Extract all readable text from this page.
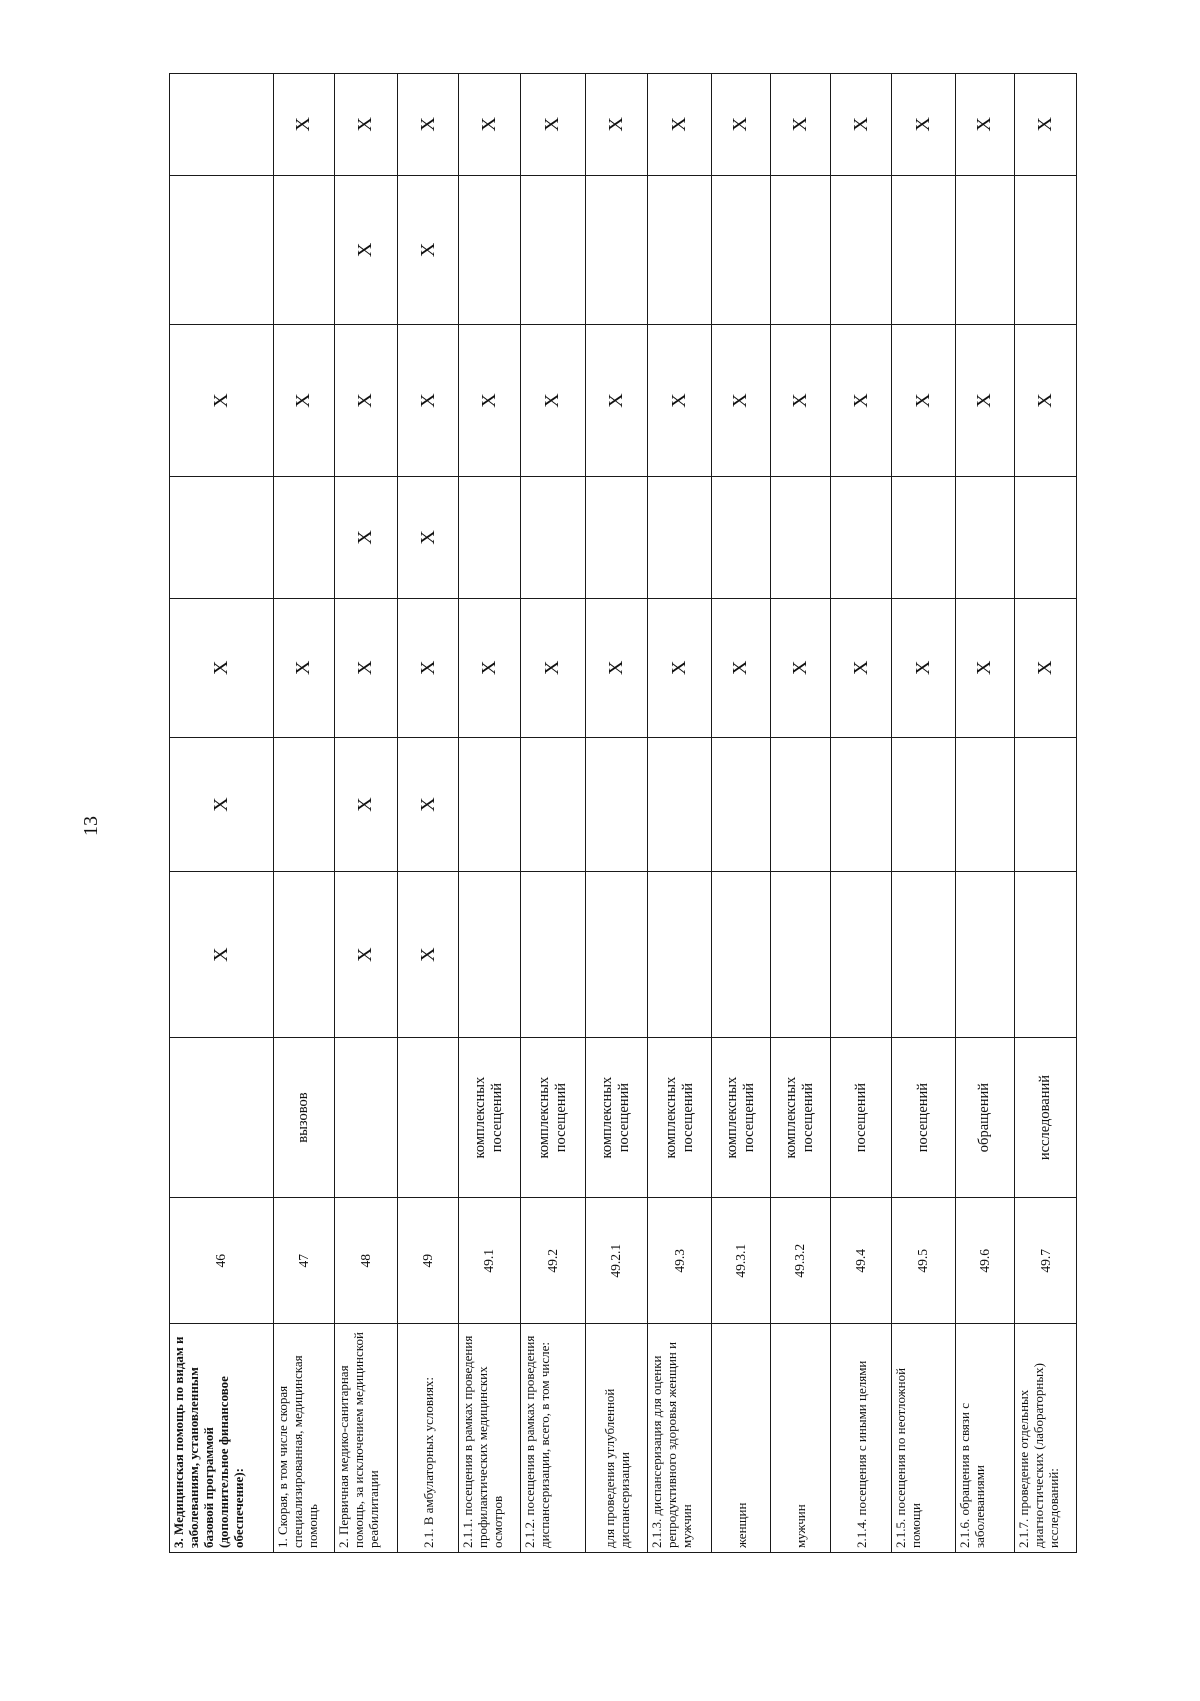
13
3. Медицинская помощь по видам и заболеваниям, установленным базовой программой (дополнительное финансовое обеспечение):	46		X	X	X		X		
1. Скорая, в том числе скорая специализированная, медицинская помощь	47	вызовов			X		X		X
2. Первичная медико-санитарная помощь, за исключением медицинской реабилитации	48		X	X	X	X	X	X	X
2.1. В амбулаторных условиях:	49		X	X	X	X	X	X	X
2.1.1. посещения в рамках проведения профилактических медицинских осмотров	49.1	комплексных посещений			X		X		X
2.1.2. посещения в рамках проведения диспансеризации, всего, в том числе:	49.2	комплексных посещений			X		X		X
для проведения углубленной диспансеризации	49.2.1	комплексных посещений			X		X		X
2.1.3. диспансеризация для оценки репродуктивного здоровья женщин и мужчин	49.3	комплексных посещений			X		X		X
женщин	49.3.1	комплексных посещений			X		X		X
мужчин	49.3.2	комплексных посещений			X		X		X
2.1.4. посещения с иными целями	49.4	посещений			X		X		X
2.1.5. посещения по неотложной помощи	49.5	посещений			X		X		X
2.1.6. обращения в связи с заболеваниями	49.6	обращений			X		X		X
2.1.7. проведение отдельных диагностических (лабораторных) исследований:	49.7	исследований			X		X		X
